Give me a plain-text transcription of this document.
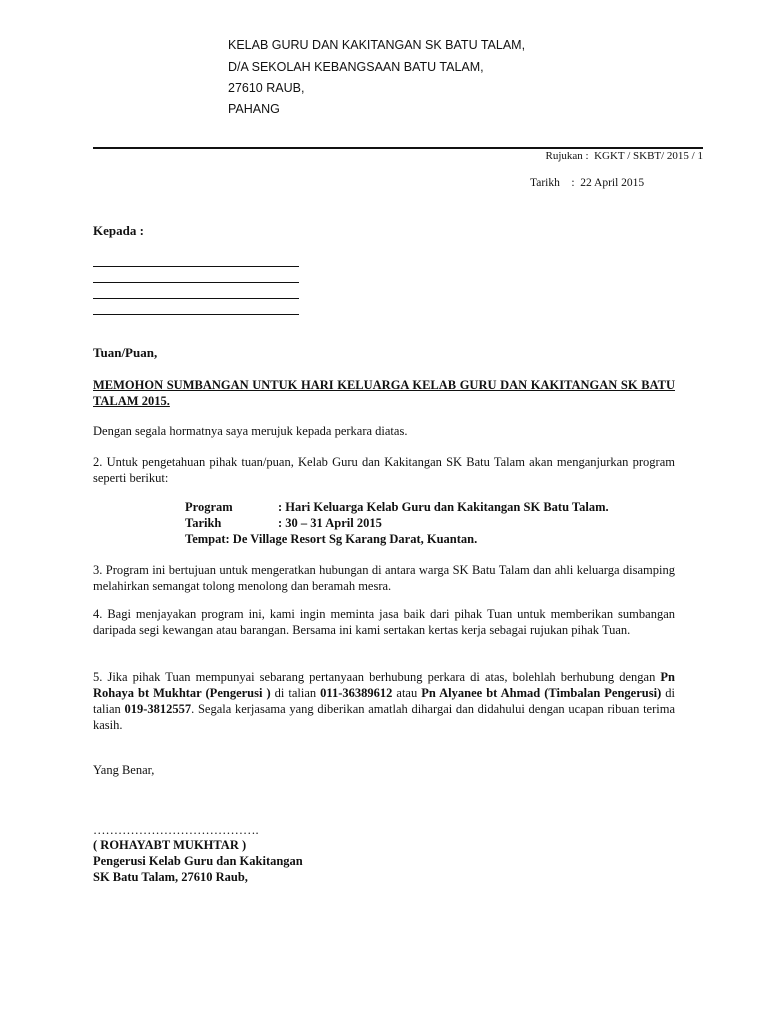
KELAB GURU DAN KAKITANGAN SK BATU TALAM,
D/A SEKOLAH KEBANGSAAN BATU TALAM,
27610 RAUB,
PAHANG
Rujukan :  KGKT / SKBT/ 2015 / 1
Tarikh    :  22 April 2015
Kepada :
Tuan/Puan,
MEMOHON SUMBANGAN UNTUK HARI KELUARGA KELAB GURU DAN KAKITANGAN SK BATU TALAM 2015.
Dengan segala hormatnya saya merujuk kepada perkara diatas.
2. Untuk pengetahuan pihak tuan/puan, Kelab Guru dan Kakitangan SK Batu Talam akan menganjurkan program seperti berikut:
Program	: Hari Keluarga Kelab Guru dan Kakitangan SK Batu Talam.
Tarikh	: 30 – 31 April 2015
Tempat: De Village Resort Sg Karang Darat, Kuantan.
3. Program ini bertujuan untuk mengeratkan hubungan di antara warga SK Batu Talam dan ahli keluarga disamping melahirkan semangat tolong menolong dan beramah mesra.
4. Bagi menjayakan program ini, kami ingin meminta jasa baik dari pihak Tuan untuk memberikan sumbangan daripada segi kewangan atau barangan. Bersama ini kami sertakan kertas kerja sebagai rujukan pihak Tuan.
5. Jika pihak Tuan mempunyai sebarang pertanyaan berhubung perkara di atas, bolehlah berhubung dengan Pn Rohaya bt Mukhtar (Pengerusi ) di talian 011-36389612 atau Pn Alyanee bt Ahmad (Timbalan Pengerusi) di talian 019-3812557. Segala kerjasama yang diberikan amatlah dihargai dan didahului dengan ucapan ribuan terima kasih.
Yang Benar,
………………………………….
( ROHAYABT MUKHTAR )
Pengerusi Kelab Guru dan Kakitangan
SK Batu Talam, 27610 Raub,
